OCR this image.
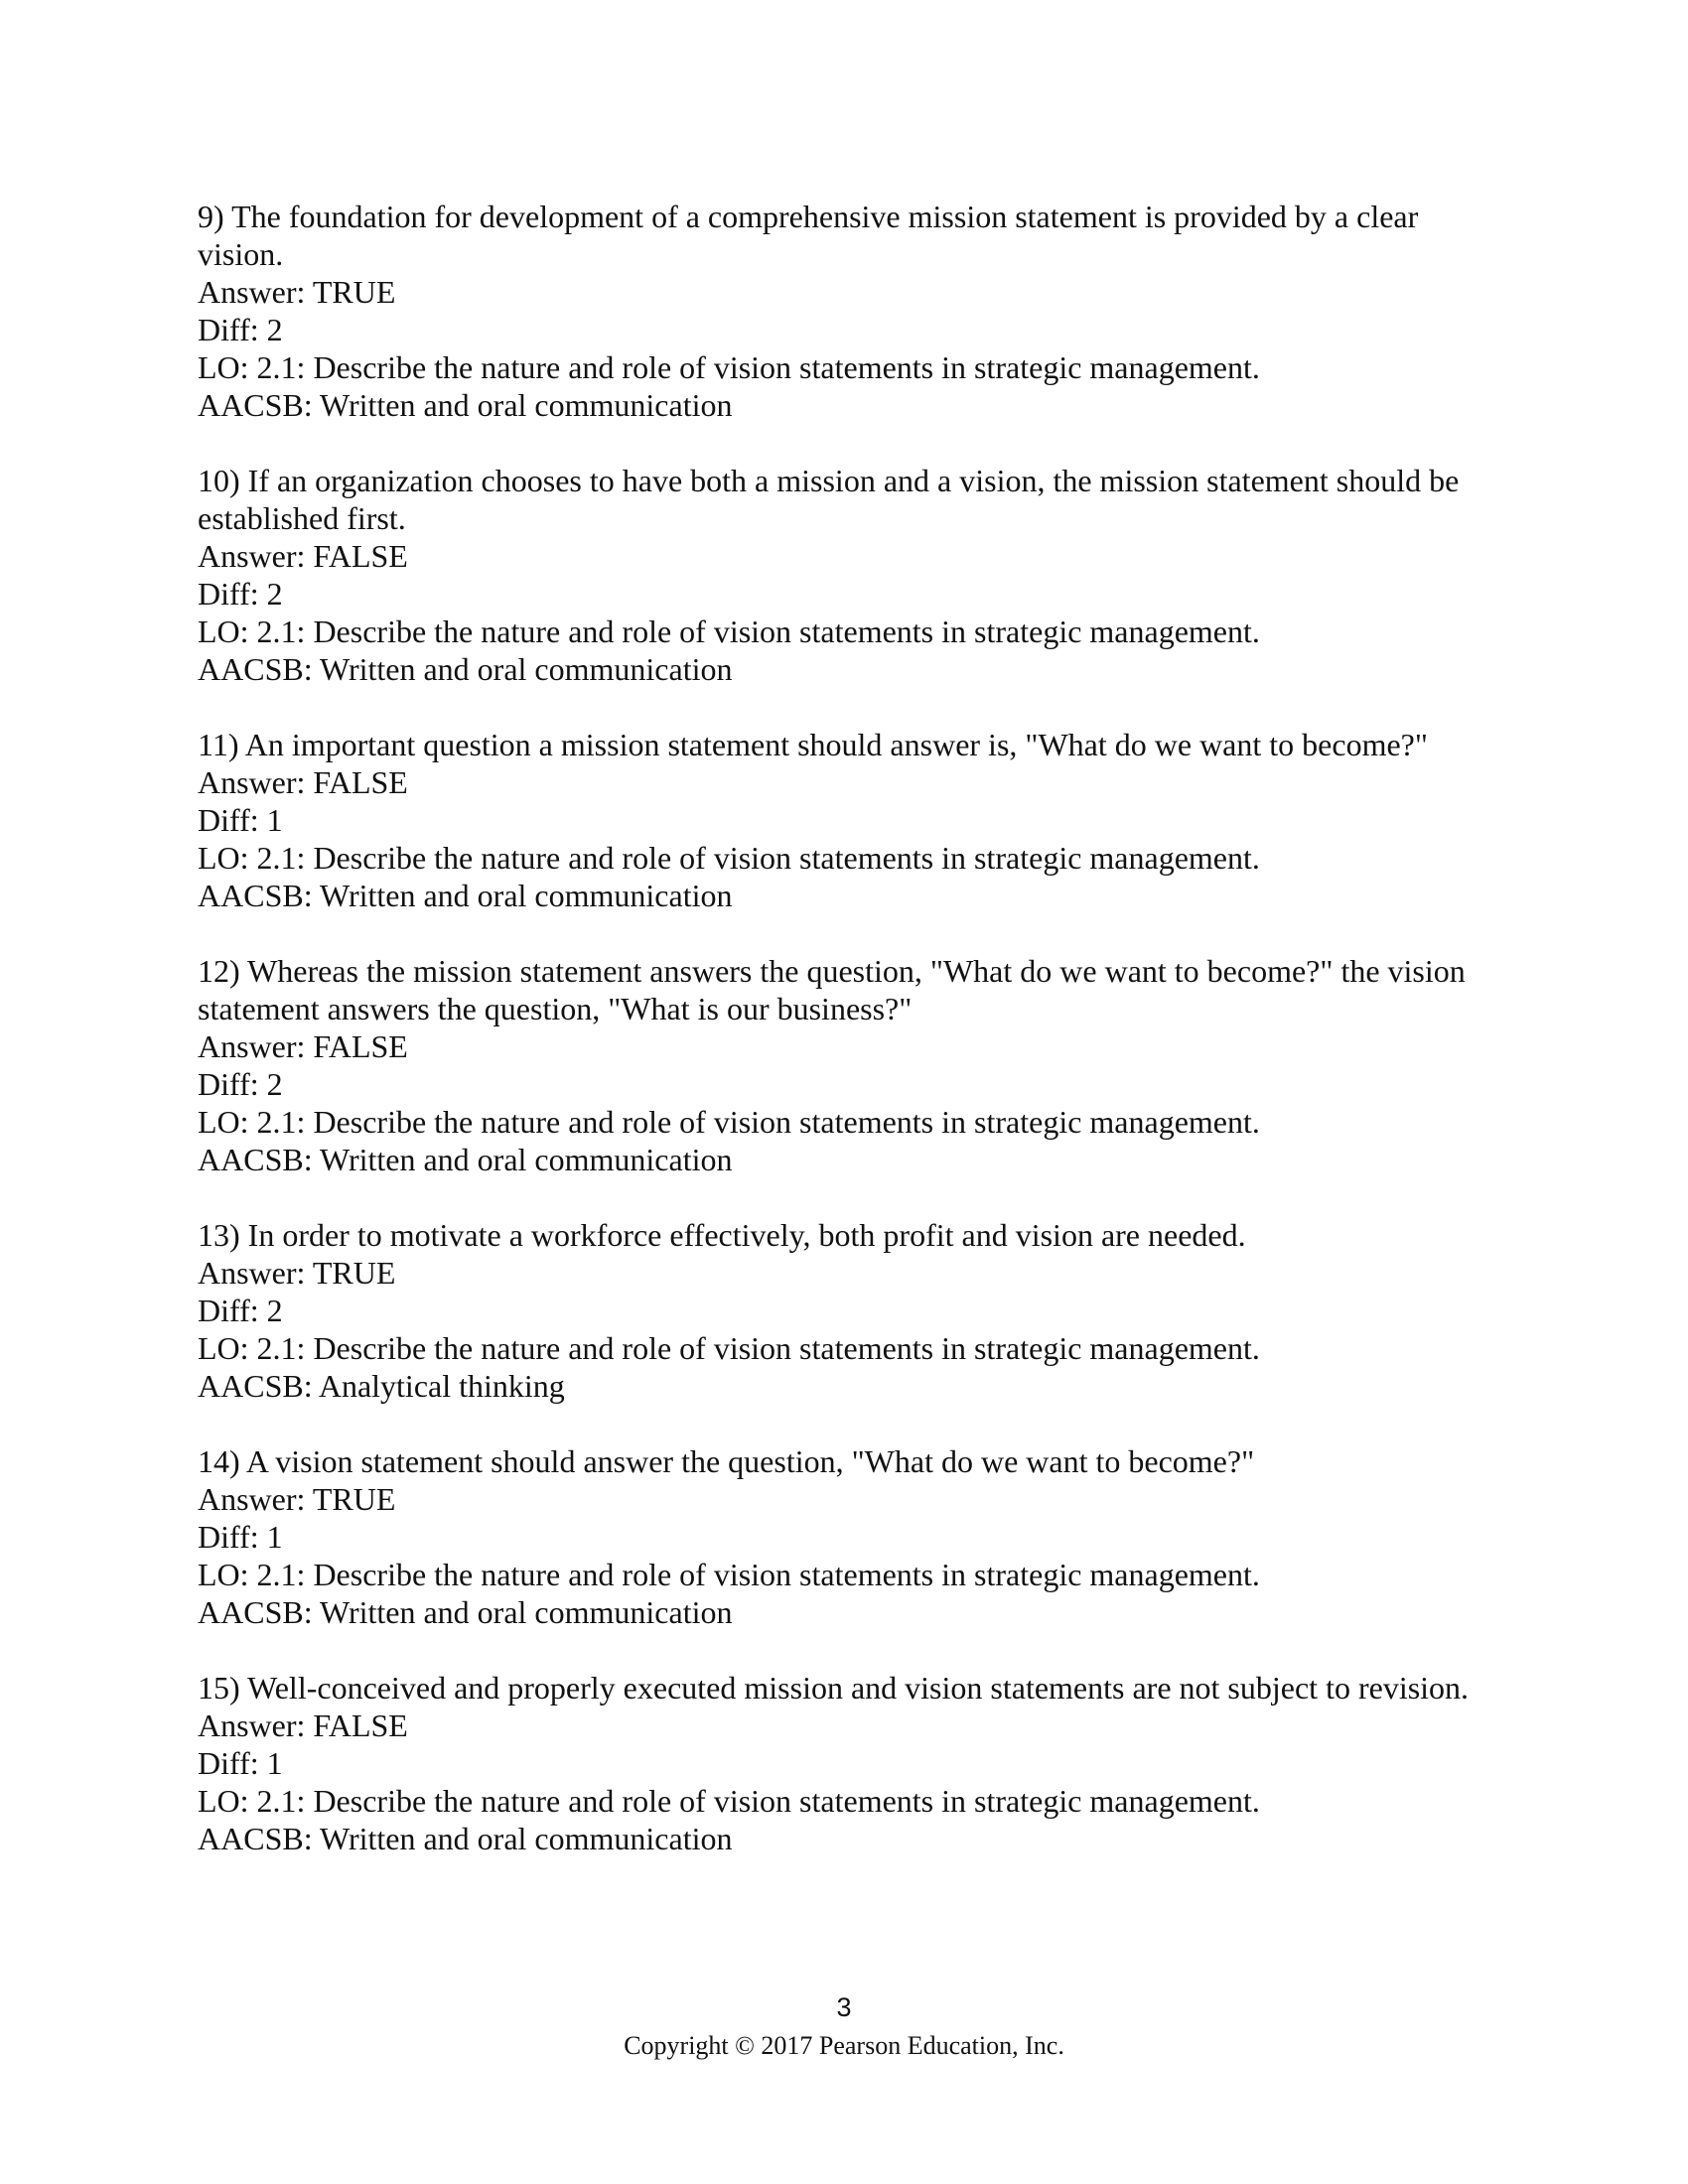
9) The foundation for development of a comprehensive mission statement is provided by a clear vision.
Answer: TRUE
Diff: 2
LO: 2.1: Describe the nature and role of vision statements in strategic management.
AACSB: Written and oral communication
10) If an organization chooses to have both a mission and a vision, the mission statement should be established first.
Answer: FALSE
Diff: 2
LO: 2.1: Describe the nature and role of vision statements in strategic management.
AACSB: Written and oral communication
11) An important question a mission statement should answer is, "What do we want to become?"
Answer: FALSE
Diff: 1
LO: 2.1: Describe the nature and role of vision statements in strategic management.
AACSB: Written and oral communication
12) Whereas the mission statement answers the question, "What do we want to become?" the vision statement answers the question, "What is our business?"
Answer: FALSE
Diff: 2
LO: 2.1: Describe the nature and role of vision statements in strategic management.
AACSB: Written and oral communication
13) In order to motivate a workforce effectively, both profit and vision are needed.
Answer: TRUE
Diff: 2
LO: 2.1: Describe the nature and role of vision statements in strategic management.
AACSB: Analytical thinking
14) A vision statement should answer the question, "What do we want to become?"
Answer: TRUE
Diff: 1
LO: 2.1: Describe the nature and role of vision statements in strategic management.
AACSB: Written and oral communication
15) Well-conceived and properly executed mission and vision statements are not subject to revision.
Answer: FALSE
Diff: 1
LO: 2.1: Describe the nature and role of vision statements in strategic management.
AACSB: Written and oral communication
3
Copyright © 2017 Pearson Education, Inc.
